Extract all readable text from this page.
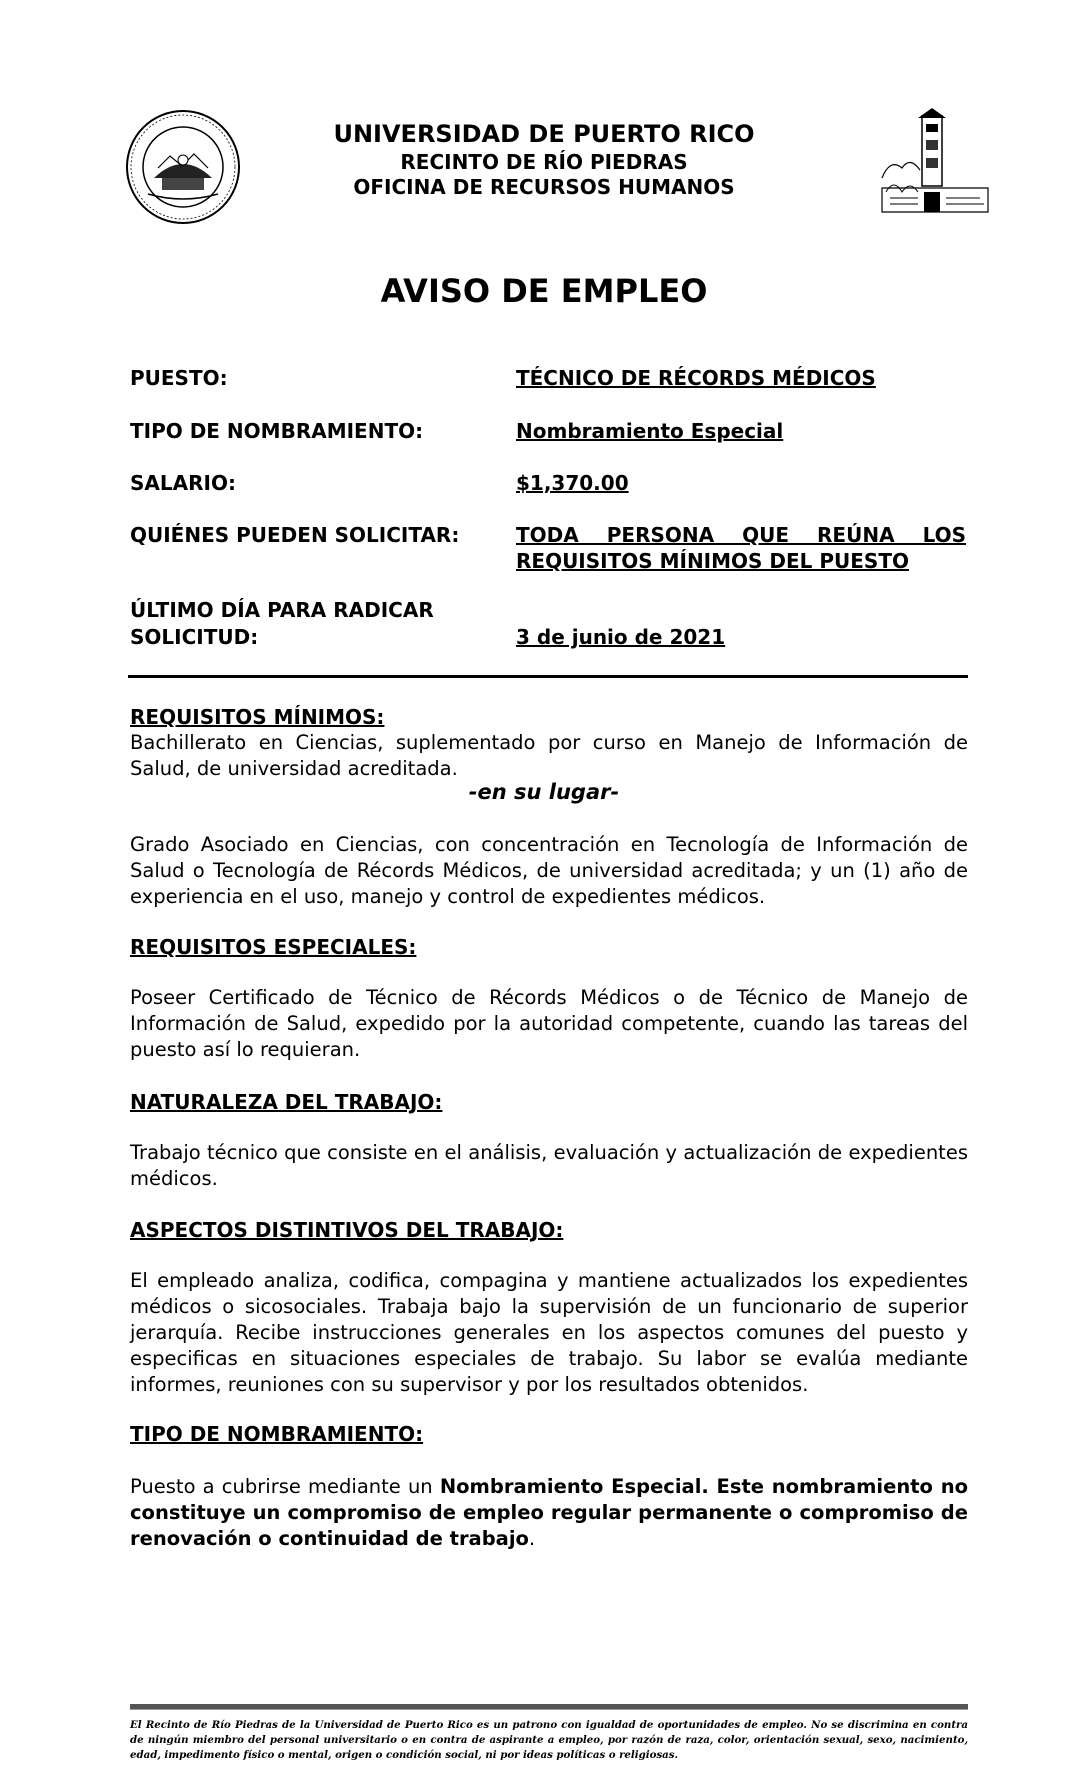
UNIVERSIDAD DE PUERTO RICO
RECINTO DE RÍO PIEDRAS
OFICINA DE RECURSOS HUMANOS
AVISO DE EMPLEO
PUESTO:	TÉCNICO DE RÉCORDS MÉDICOS
TIPO DE NOMBRAMIENTO:	Nombramiento Especial
SALARIO:	$1,370.00
QUIÉNES PUEDEN SOLICITAR:	TODA PERSONA QUE REÚNA LOS
REQUISITOS MÍNIMOS DEL PUESTO
ÚLTIMO DÍA PARA RADICAR
SOLICITUD:	3 de junio de 2021
REQUISITOS MÍNIMOS:
Bachillerato en Ciencias, suplementado por curso en Manejo de Información de Salud, de universidad acreditada.
-en su lugar-
Grado Asociado en Ciencias, con concentración en Tecnología de Información de Salud o Tecnología de Récords Médicos, de universidad acreditada; y un (1) año de experiencia en el uso, manejo y control de expedientes médicos.
REQUISITOS ESPECIALES:
Poseer Certificado de Técnico de Récords Médicos o de Técnico de Manejo de Información de Salud, expedido por la autoridad competente, cuando las tareas del puesto así lo requieran.
NATURALEZA DEL TRABAJO:
Trabajo técnico que consiste en el análisis, evaluación y actualización de expedientes médicos.
ASPECTOS DISTINTIVOS DEL TRABAJO:
El empleado analiza, codifica, compagina y mantiene actualizados los expedientes médicos o sicosociales. Trabaja bajo la supervisión de un funcionario de superior jerarquía. Recibe instrucciones generales en los aspectos comunes del puesto y especificas en situaciones especiales de trabajo. Su labor se evalúa mediante informes, reuniones con su supervisor y por los resultados obtenidos.
TIPO DE NOMBRAMIENTO:
Puesto a cubrirse mediante un Nombramiento Especial. Este nombramiento no constituye un compromiso de empleo regular permanente o compromiso de renovación o continuidad de trabajo.
El Recinto de Río Piedras de la Universidad de Puerto Rico es un patrono con igualdad de oportunidades de empleo. No se discrimina en contra de ningún miembro del personal universitario o en contra de aspirante a empleo, por razón de raza, color, orientación sexual, sexo, nacimiento, edad, impedimento físico o mental, origen o condición social, ni por ideas políticas o religiosas.
